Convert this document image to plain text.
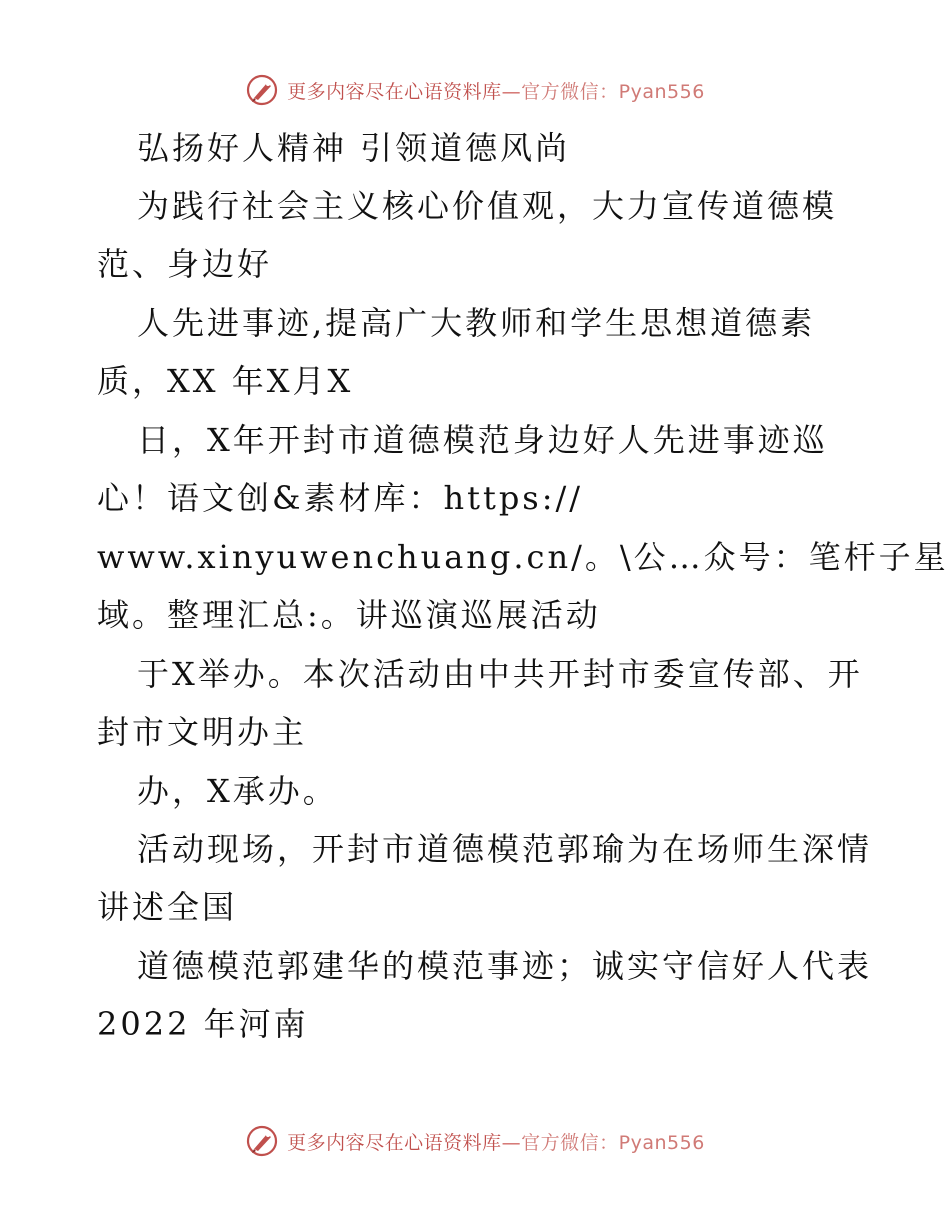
更多内容尽在心语资料库—官方微信：Pyan556
弘扬好人精神 引领道德风尚
为践行社会主义核心价值观，大力宣传道德模
范、身边好
人先进事迹,提高广大教师和学生思想道德素
质，XX 年X月X
日，X年开封市道德模范身边好人先进事迹巡
心！语文创&素材库：https://
www.xinyuwenchuang.cn/。\公…众号：笔杆子星
域。整理汇总:。讲巡演巡展活动
于X举办。本次活动由中共开封市委宣传部、开
封市文明办主
办，X承办。
活动现场，开封市道德模范郭瑜为在场师生深情
讲述全国
道德模范郭建华的模范事迹；诚实守信好人代表
2022 年河南
更多内容尽在心语资料库—官方微信：Pyan556
